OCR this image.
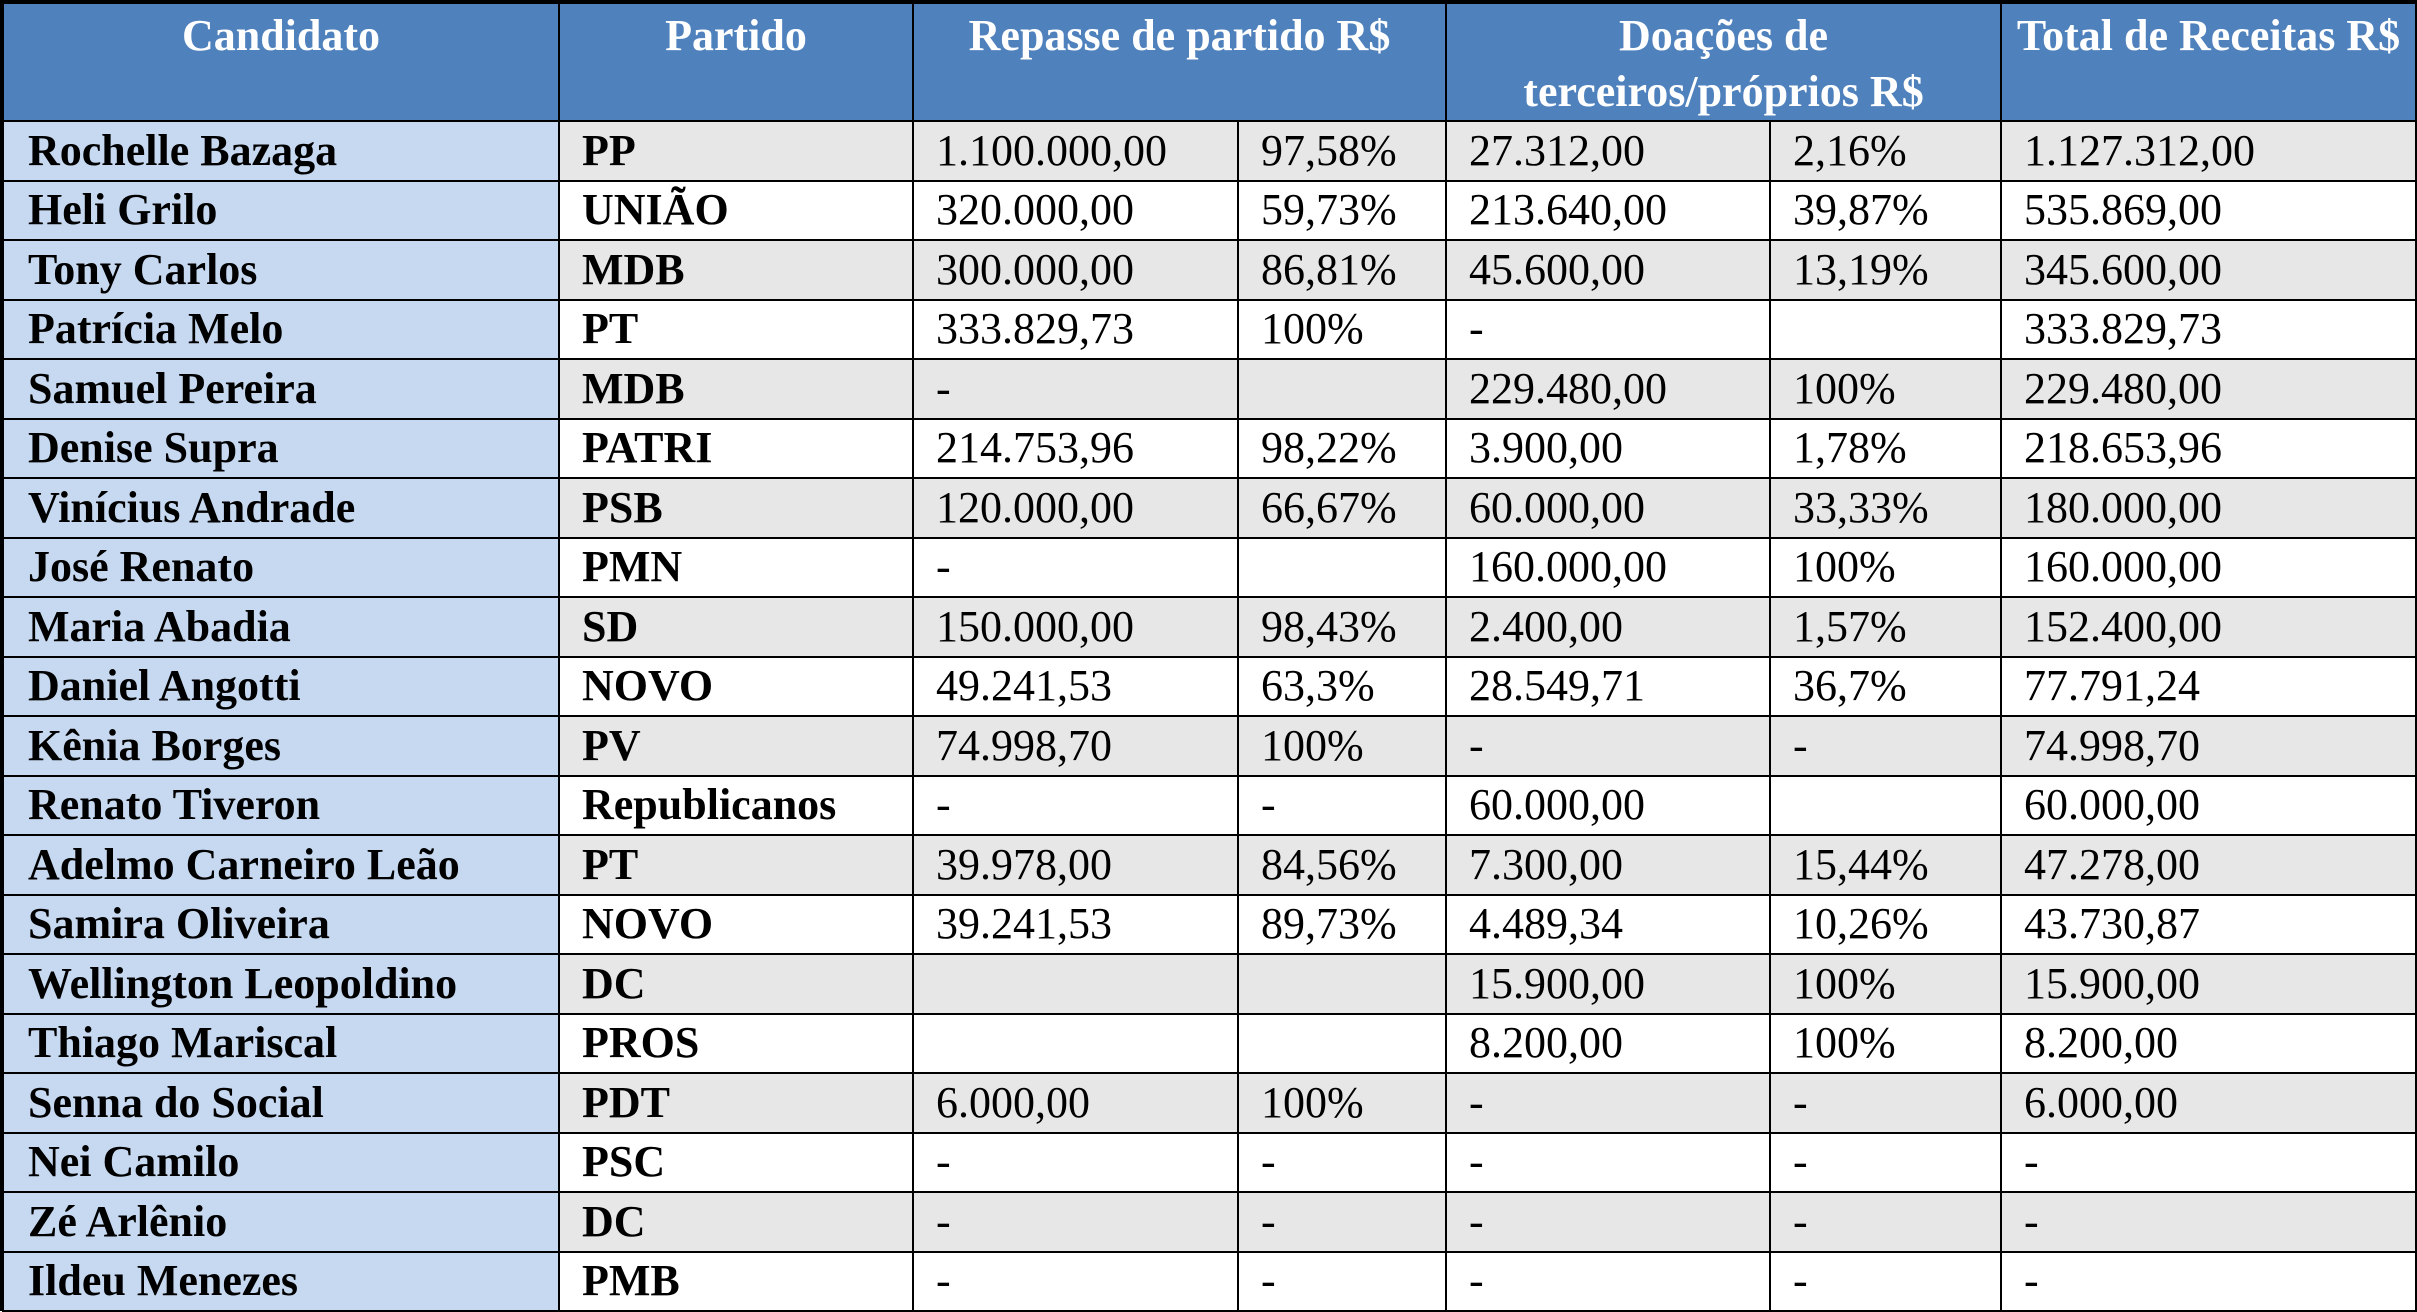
Candidato	Partido	Repasse de partido R$		Doações de terceiros/próprios R$		Total de Receitas R$
Rochelle Bazaga	PP	1.100.000,00	97,58%	27.312,00	2,16%	1.127.312,00
Heli Grilo	UNIÃO	320.000,00	59,73%	213.640,00	39,87%	535.869,00
Tony Carlos	MDB	300.000,00	86,81%	45.600,00	13,19%	345.600,00
Patrícia Melo	PT	333.829,73	100%	-		333.829,73
Samuel Pereira	MDB	-		229.480,00	100%	229.480,00
Denise Supra	PATRI	214.753,96	98,22%	3.900,00	1,78%	218.653,96
Vinícius Andrade	PSB	120.000,00	66,67%	60.000,00	33,33%	180.000,00
José Renato	PMN	-		160.000,00	100%	160.000,00
Maria Abadia	SD	150.000,00	98,43%	2.400,00	1,57%	152.400,00
Daniel Angotti	NOVO	49.241,53	63,3%	28.549,71	36,7%	77.791,24
Kênia Borges	PV	74.998,70	100%	-	-	74.998,70
Renato Tiveron	Republicanos	-	-	60.000,00		60.000,00
Adelmo Carneiro Leão	PT	39.978,00	84,56%	7.300,00	15,44%	47.278,00
Samira Oliveira	NOVO	39.241,53	89,73%	4.489,34	10,26%	43.730,87
Wellington Leopoldino	DC			15.900,00	100%	15.900,00
Thiago Mariscal	PROS			8.200,00	100%	8.200,00
Senna do Social	PDT	6.000,00	100%	-	-	6.000,00
Nei Camilo	PSC	-	-	-	-	-
Zé Arlênio	DC	-	-	-	-	-
Ildeu Menezes	PMB	-	-	-	-	-
